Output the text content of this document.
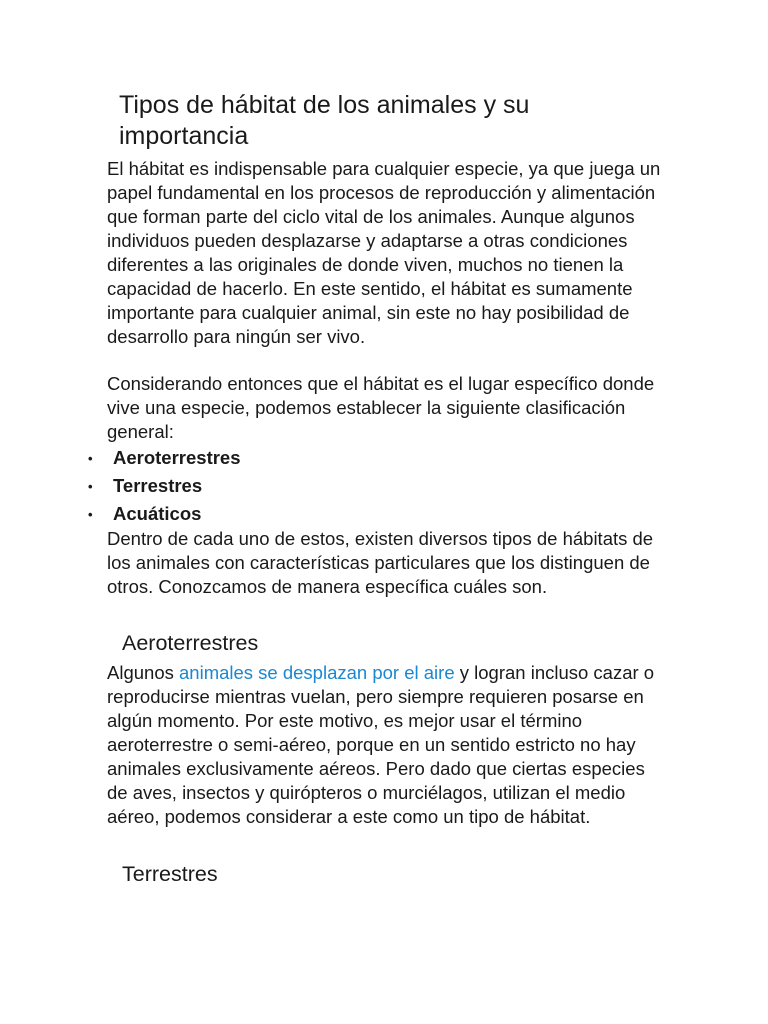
Tipos de hábitat de los animales y su importancia

El hábitat es indispensable para cualquier especie, ya que juega un papel fundamental en los procesos de reproducción y alimentación que forman parte del ciclo vital de los animales. Aunque algunos individuos pueden desplazarse y adaptarse a otras condiciones diferentes a las originales de donde viven, muchos no tienen la capacidad de hacerlo. En este sentido, el hábitat es sumamente importante para cualquier animal, sin este no hay posibilidad de desarrollo para ningún ser vivo.

Considerando entonces que el hábitat es el lugar específico donde vive una especie, podemos establecer la siguiente clasificación general:

• Aeroterrestres
• Terrestres
• Acuáticos

Dentro de cada uno de estos, existen diversos tipos de hábitats de los animales con características particulares que los distinguen de otros. Conozcamos de manera específica cuáles son.

Aeroterrestres

Algunos animales se desplazan por el aire y logran incluso cazar o reproducirse mientras vuelan, pero siempre requieren posarse en algún momento. Por este motivo, es mejor usar el término aeroterrestre o semi-aéreo, porque en un sentido estricto no hay animales exclusivamente aéreos. Pero dado que ciertas especies de aves, insectos y quirópteros o murciélagos, utilizan el medio aéreo, podemos considerar a este como un tipo de hábitat.

Terrestres
